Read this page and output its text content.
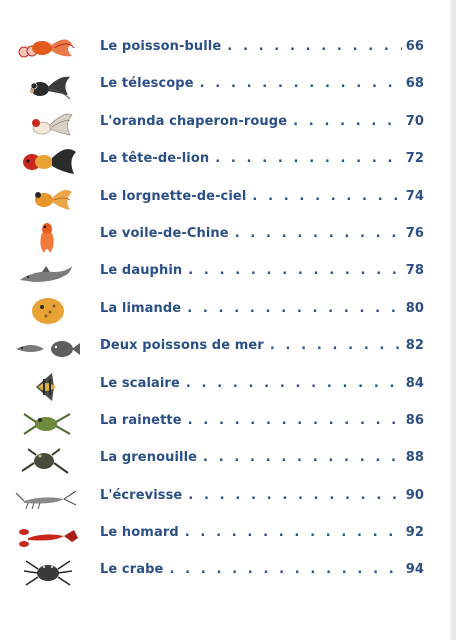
Le poisson-bulle . . .	66
Le télescope . . .	68
L'oranda chaperon-rouge . . .	70
Le tête-de-lion . . .	72
Le lorgnette-de-ciel . . .	74
Le voile-de-Chine . . .	76
Le dauphin . . .	78
La limande . . .	80
Deux poissons de mer . . .	82
Le scalaire . . .	84
La rainette . . .	86
La grenouille . . .	88
L'écrevisse . . .	90
Le homard . . .	92
Le crabe . . .	94
